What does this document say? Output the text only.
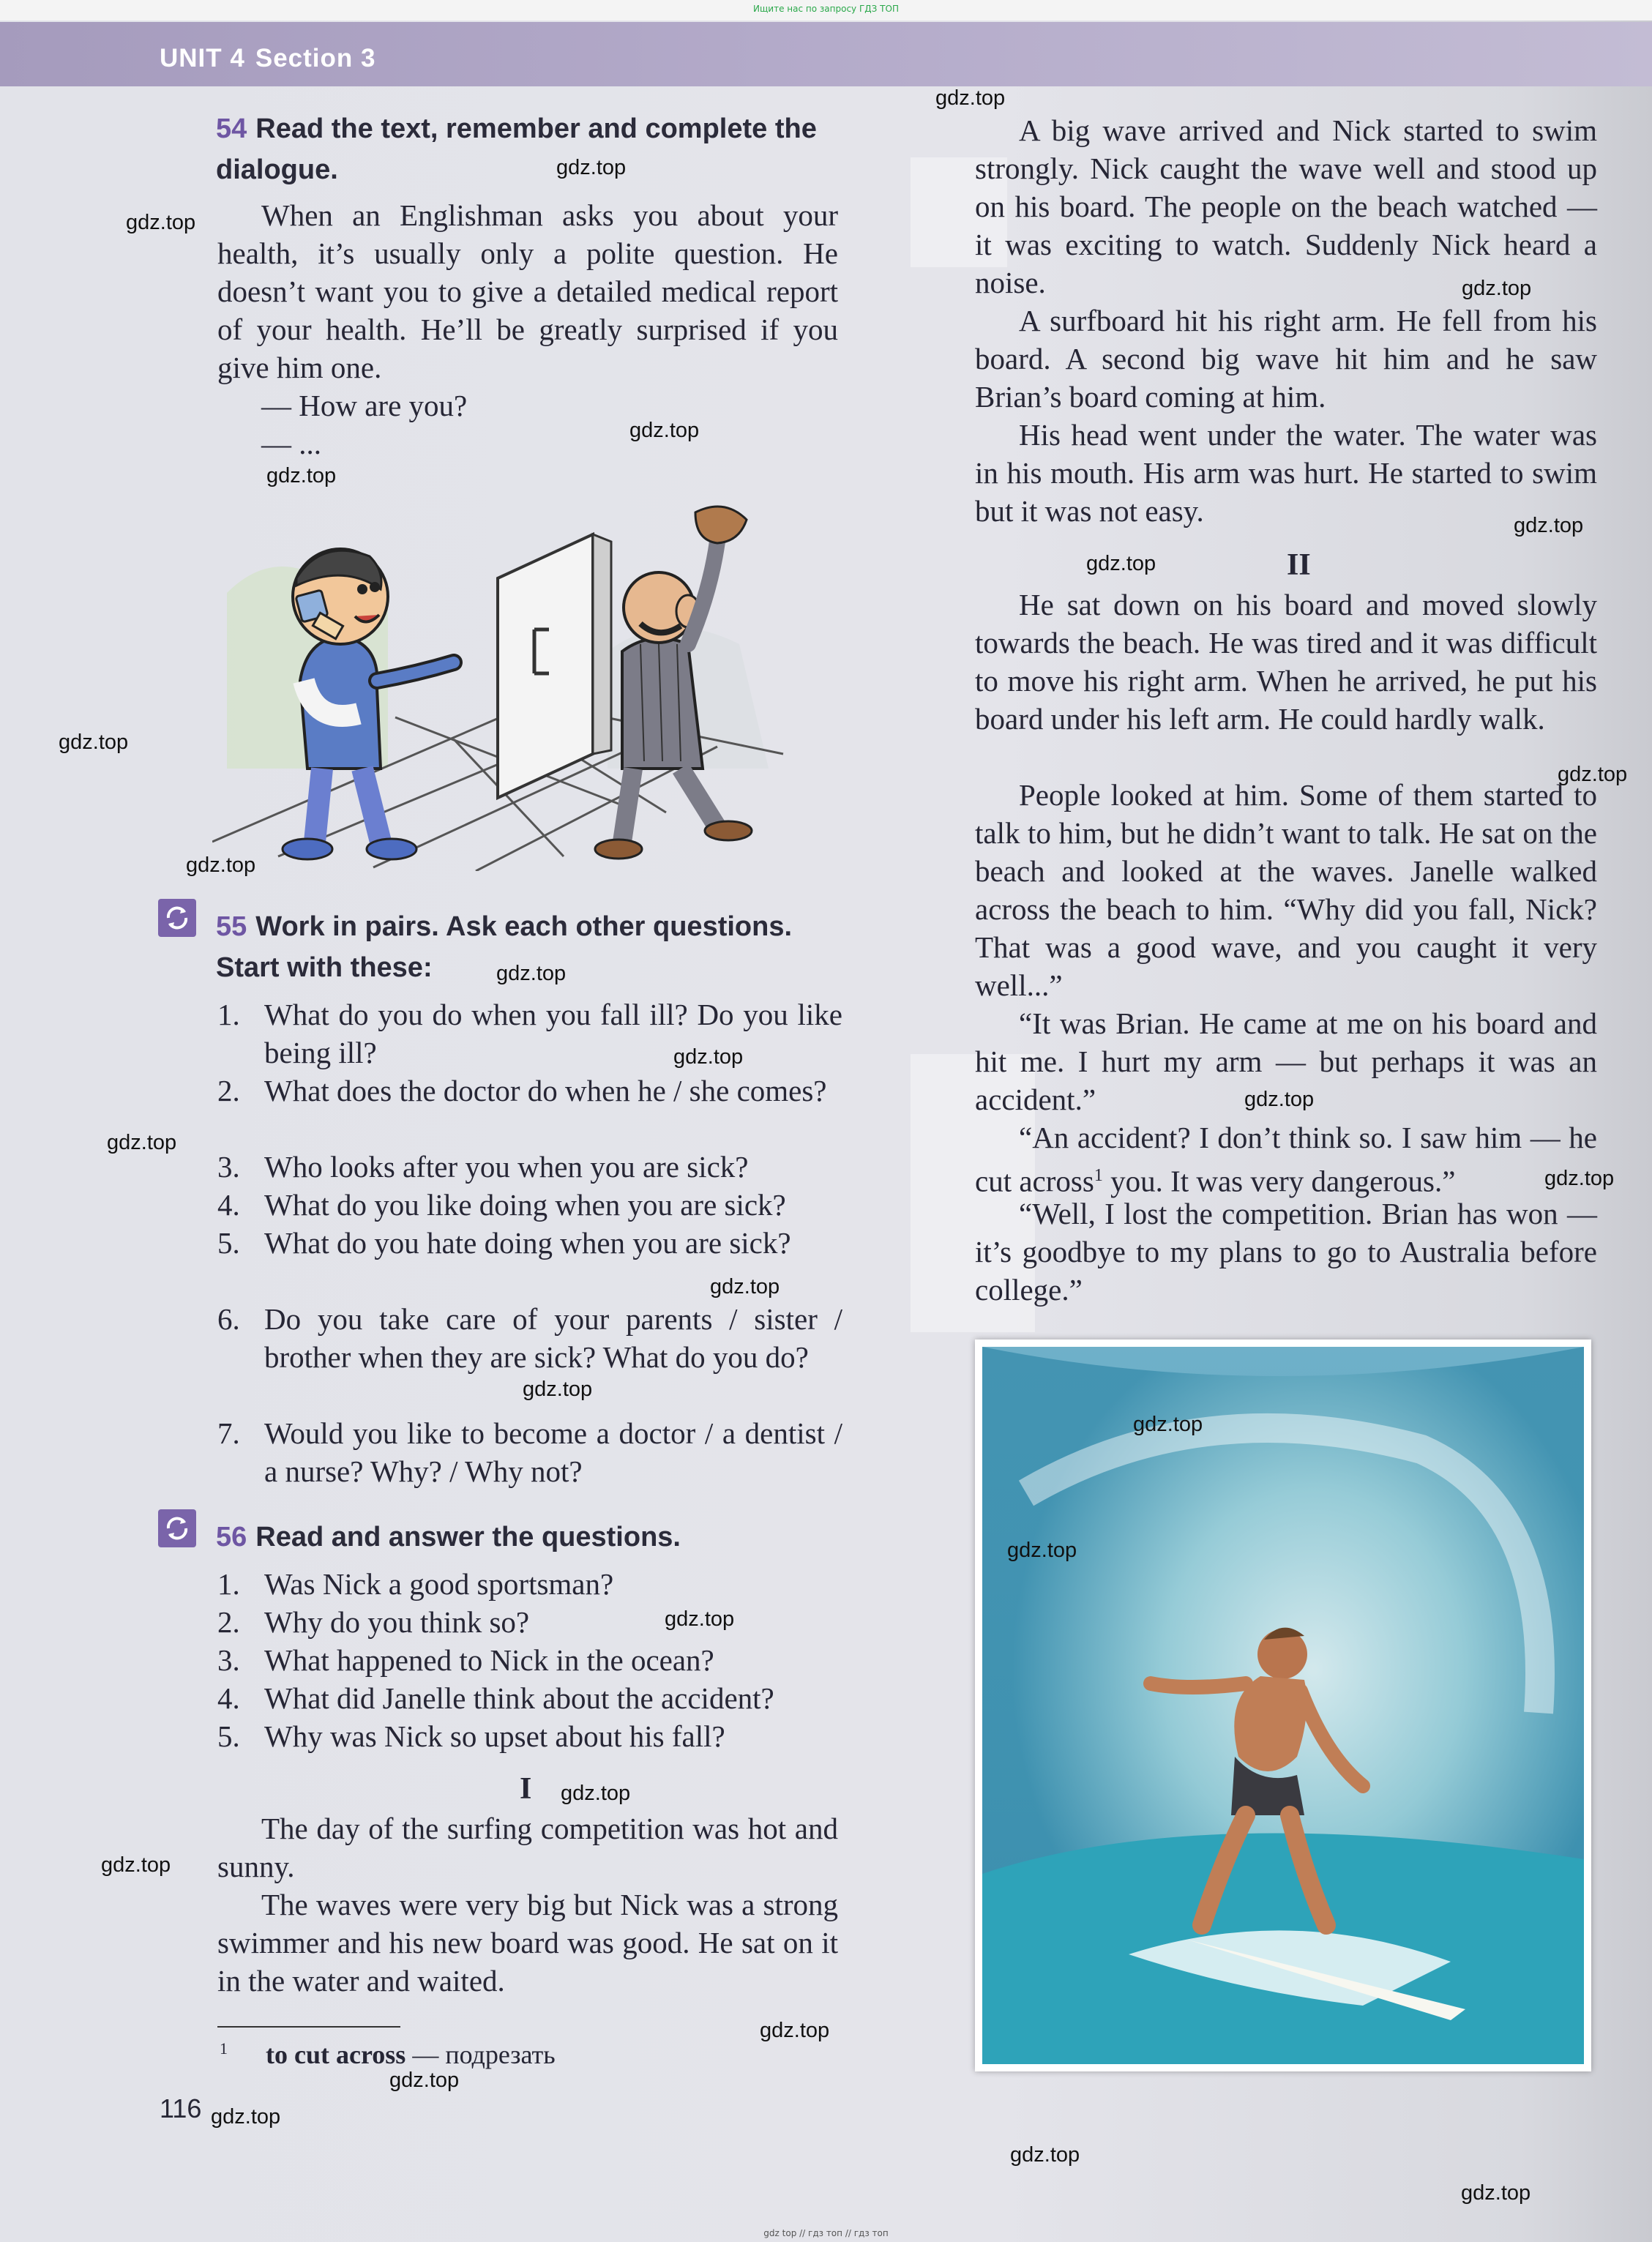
Ищите нас по запросу ГДЗ ТОП
UNIT 4 Section 3
54 Read the text, remember and complete the dialogue.
When an Englishman asks you about your health, it’s usually only a polite question. He doesn’t want you to give a detailed medical report of your health. He’ll be greatly surprised if you give him one.
— How are you?
— ...
55 Work in pairs. Ask each other questions. Start with these:
1. What do you do when you fall ill? Do you like being ill?
2. What does the doctor do when he / she comes?
3. Who looks after you when you are sick?
4. What do you like doing when you are sick?
5. What do you hate doing when you are sick?
6. Do you take care of your parents / sister / brother when they are sick? What do you do?
7. Would you like to become a doctor / a dentist / a nurse? Why? / Why not?
56 Read and answer the questions.
1. Was Nick a good sportsman?
2. Why do you think so?
3. What happened to Nick in the ocean?
4. What did Janelle think about the accident?
5. Why was Nick so upset about his fall?
I
The day of the surfing competition was hot and sunny.
The waves were very big but Nick was a strong swimmer and his new board was good. He sat on it in the water and waited.
$^1$ to cut across — подрезать
116
A big wave arrived and Nick started to swim strongly. Nick caught the wave well and stood up on his board. The people on the beach watched — it was exciting to watch. Suddenly Nick heard a noise.
A surfboard hit his right arm. He fell from his board. A second big wave hit him and he saw Brian’s board coming at him.
His head went under the water. The water was in his mouth. His arm was hurt. He started to swim but it was not easy.
II
He sat down on his board and moved slowly towards the beach. He was tired and it was difficult to move his right arm. When he arrived, he put his board under his left arm. He could hardly walk.
People looked at him. Some of them started to talk to him, but he didn’t want to talk. He sat on the beach and looked at the waves. Janelle walked across the beach to him. “Why did you fall, Nick? That was a good wave, and you caught it very well...”
“It was Brian. He came at me on his board and hit me. I hurt my arm — but perhaps it was an accident.”
“An accident? I don’t think so. I saw him — he cut across$^1$ you. It was very dangerous.”
“Well, I lost the competition. Brian has won — it’s goodbye to my plans to go to Australia before college.”
gdz.top
gdz.top
gdz.top
gdz.top
gdz.top
gdz.top
gdz.top
gdz.top
gdz.top
gdz.top
gdz.top
gdz.top
gdz.top
gdz.top
gdz.top
gdz.top
gdz.top
gdz.top
gdz.top
gdz.top
gdz.top
gdz.top
gdz.top
gdz.top
gdz.top
gdz.top
gdz.top
gdz.top
gdz top // гдз топ // гдз топ
